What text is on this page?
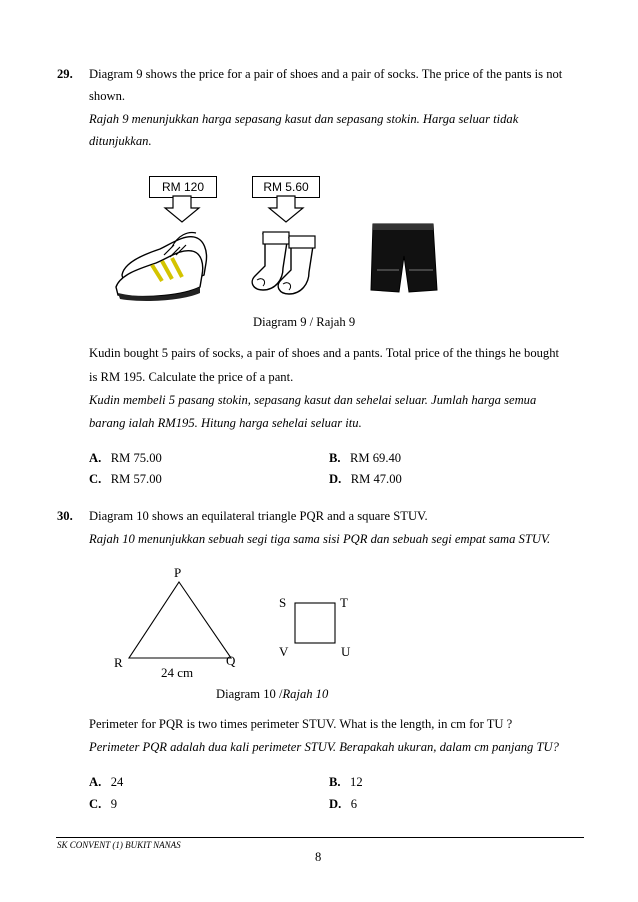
29. Diagram 9 shows the price for a pair of shoes and a pair of socks. The price of the pants is not
shown.
Rajah 9 menunjukkan harga sepasang kasut dan sepasang stokin. Harga seluar tidak
ditunjukkan.
RM 120	RM 5.60
Diagram 9 / Rajah 9
Kudin bought 5 pairs of socks, a pair of shoes and a pants. Total price of the things he bought
is RM 195. Calculate the price of a pant.
Kudin membeli 5 pasang stokin, sepasang kasut dan sehelai seluar. Jumlah harga semua
barang ialah RM195. Hitung harga sehelai seluar itu.
A. RM 75.00	B. RM 69.40
C. RM 57.00	D. RM 47.00
30. Diagram 10 shows an equilateral triangle PQR and a square STUV.
Rajah 10 menunjukkan sebuah segi tiga sama sisi PQR dan sebuah segi empat sama STUV.
P
Q
R
24 cm
S	T
U
V
Diagram 10 /Rajah 10
Perimeter for PQR is two times perimeter STUV. What is the length, in cm for TU ?
Perimeter PQR adalah dua kali perimeter STUV. Berapakah ukuran, dalam cm panjang TU?
A. 24	B. 12
C. 9	D. 6
SK CONVENT (1) BUKIT NANAS
8
